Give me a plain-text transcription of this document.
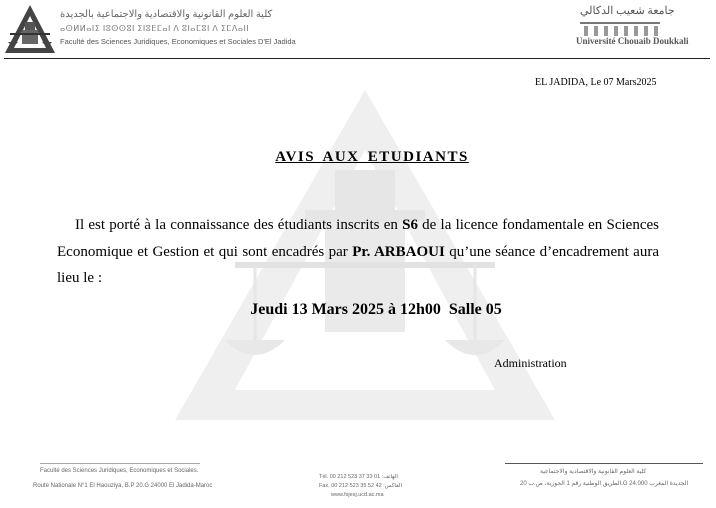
كلية العلوم القانونية والاقتصادية والاجتماعية بالجديدة
ⴰⵙⵍⵍⴰⵏⵉ ⵏⵓⵙⵙⵓⵏ ⵉⵏⵓⴹⵎⴰⵏ ⴷ ⵓⵏⴰⵎⵓⵏ ⴷ ⵉⵎⴷⴰⵏⵏ
Faculté des Sciences Juridiques, Economiques et Sociales D'El Jadida
جامعة شعيب الدكالي
Université Chouaib Doukkali
EL JADIDA, Le 07 Mars2025
AVIS AUX ETUDIANTS
Il est porté à la connaissance des étudiants inscrits en S6 de la licence fondamentale en Sciences Economique et Gestion et qui sont encadrés par Pr. ARBAOUI qu’une séance d’encadrement aura lieu le :
Jeudi 13 Mars 2025 à 12h00  Salle 05
Administration
Faculté des Sciences Juridiques, Economiques et Sociales.
Route Nationale N°1 El Haouziya, B.P 20.G 24000 El Jadida-Maroc
Tél. 00 212 523 37 33 01 :الهاتف
Fax. 00 212 523 35 52 42 :الفاكس
www.fsjesj.ucd.ac.ma
كلية العلوم القانونية والاقتصادية والاجتماعية
الطريق الوطنية رقم 1 الحوزية، ص.ب 20.G 24.000 الجديدة المغرب
